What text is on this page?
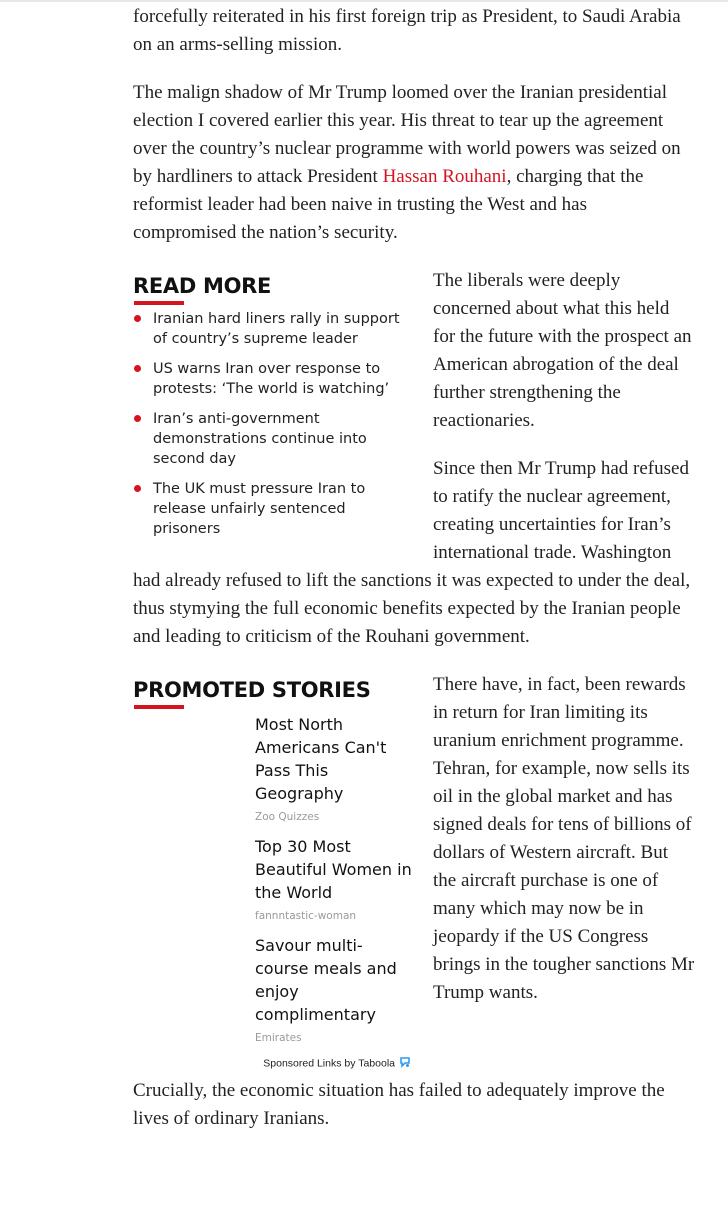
forcefully reiterated in his first foreign trip as President, to Saudi Arabia on an arms-selling mission.

The malign shadow of Mr Trump loomed over the Iranian presidential election I covered earlier this year. His threat to tear up the agreement over the country’s nuclear programme with world powers was seized on by hardliners to attack President Hassan Rouhani, charging that the reformist leader had been naive in trusting the West and has compromised the nation’s security.

READ MORE
Iranian hard liners rally in support of country’s supreme leader
US warns Iran over response to protests: ‘The world is watching’
Iran’s anti-government demonstrations continue into second day
The UK must pressure Iran to release unfairly sentenced prisoners

The liberals were deeply concerned about what this held for the future with the prospect an American abrogation of the deal further strengthening the reactionaries.

Since then Mr Trump had refused to ratify the nuclear agreement, creating uncertainties for Iran’s international trade. Washington had already refused to lift the sanctions it was expected to under the deal, thus stymying the full economic benefits expected by the Iranian people and leading to criticism of the Rouhani government.

PROMOTED STORIES
Most North Americans Can't Pass This Geography
Zoo Quizzes
Top 30 Most Beautiful Women in the World
fannntastic-woman
Savour multi-course meals and enjoy complimentary
Emirates
Sponsored Links by Taboola

There have, in fact, been rewards in return for Iran limiting its uranium enrichment programme. Tehran, for example, now sells its oil in the global market and has signed deals for tens of billions of dollars of Western aircraft. But the aircraft purchase is one of many which may now be in jeopardy if the US Congress brings in the tougher sanctions Mr Trump wants.

Crucially, the economic situation has failed to adequately improve the lives of ordinary Iranians.
